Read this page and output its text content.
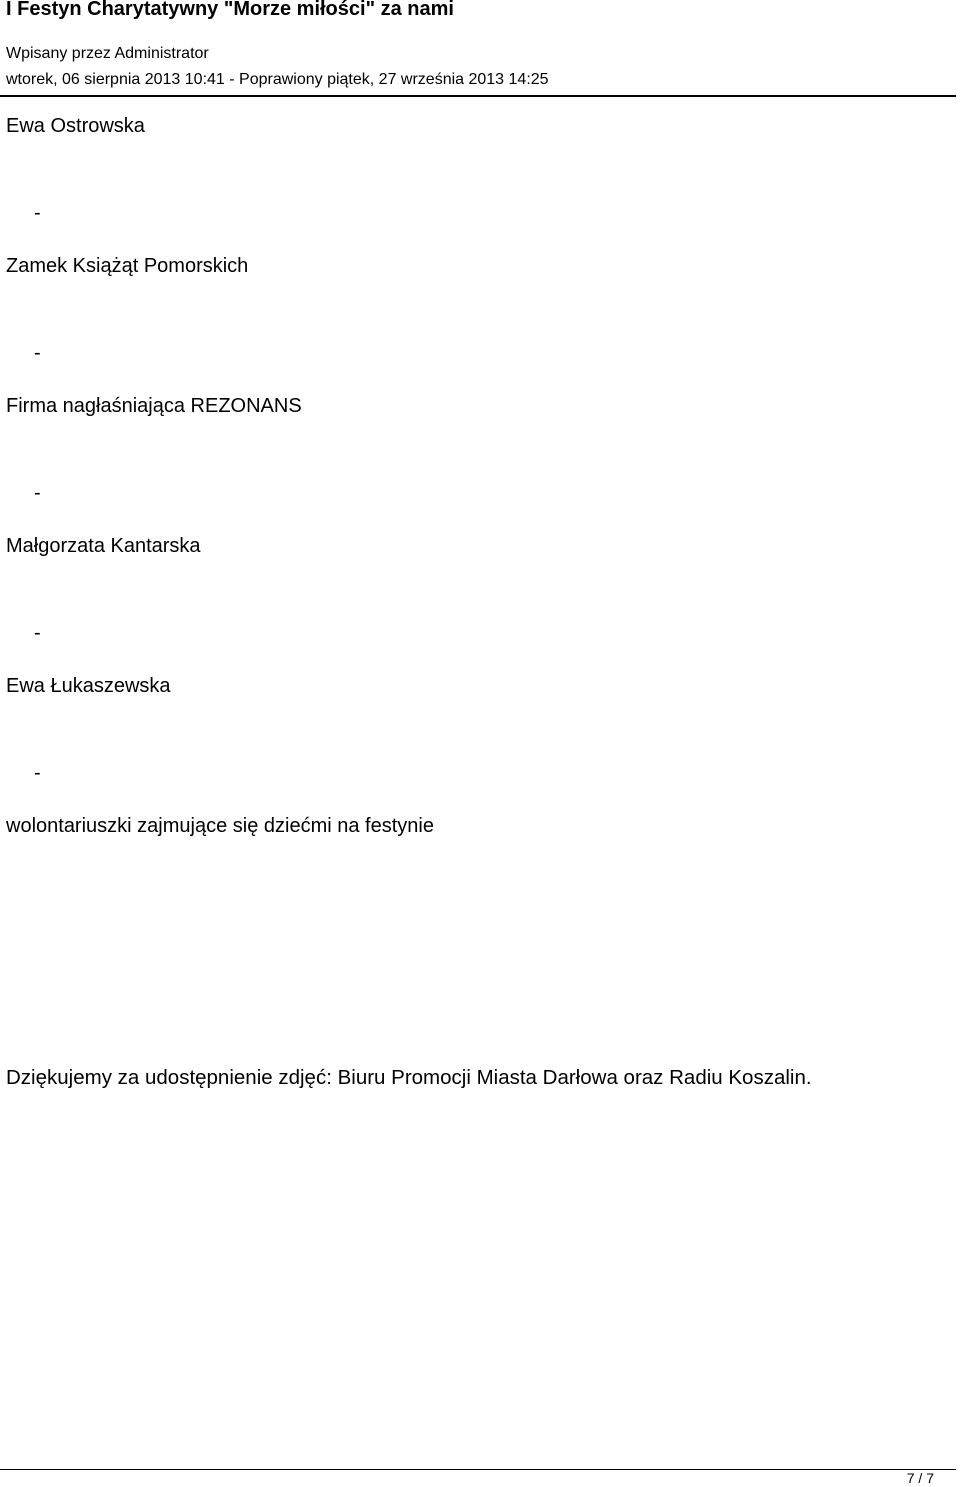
I Festyn Charytatywny "Morze miłości" za nami
Wpisany przez Administrator
wtorek, 06 sierpnia 2013 10:41 - Poprawiony piątek, 27 września 2013 14:25
Ewa Ostrowska
-
Zamek Książąt Pomorskich
-
Firma nagłaśniająca REZONANS
-
Małgorzata Kantarska
-
Ewa Łukaszewska
-
wolontariuszki zajmujące się dziećmi na festynie
Dziękujemy za udostępnienie zdjęć: Biuru Promocji Miasta Darłowa oraz Radiu Koszalin.
7 / 7
